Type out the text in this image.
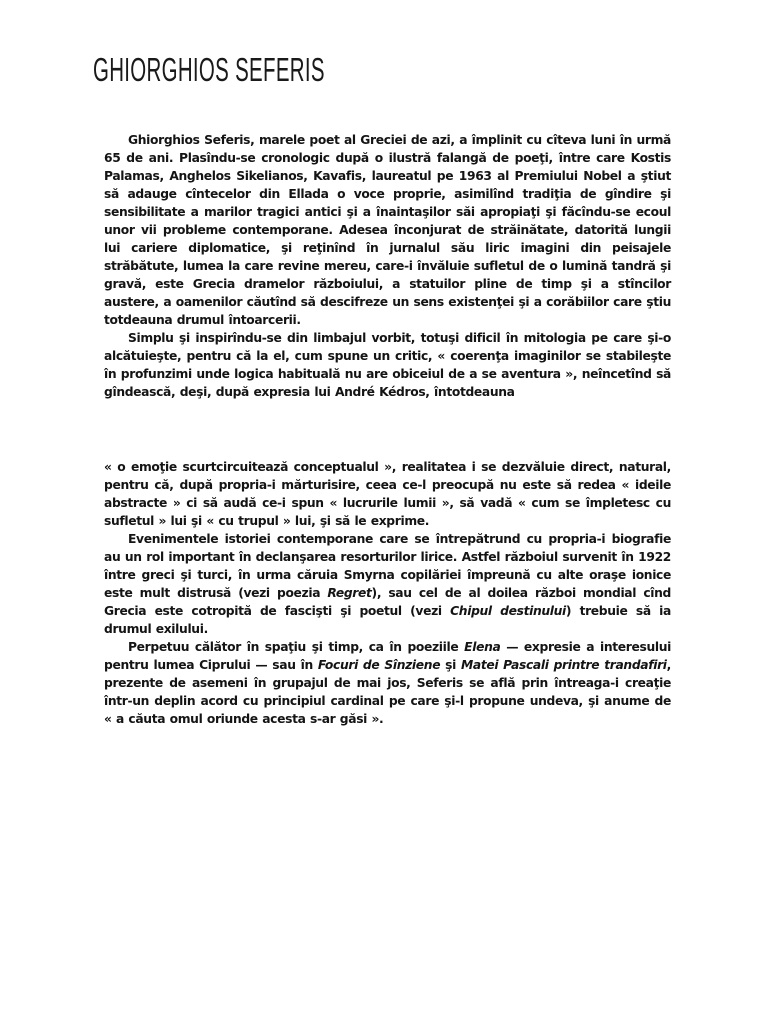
GHIORGHIOS SEFERIS

Ghiorghios Seferis, marele poet al Greciei de azi, a împlinit cu cîteva luni în urmă 65 de ani. Plasîndu-se cronologic după o ilustră falangă de poeţi, între care Kostis Palamas, Anghelos Sikelianos, Kavafis, laureatul pe 1963 al Premiului Nobel a ştiut să adauge cîntecelor din Ellada o voce proprie, asimilînd tradiţia de gîndire şi sensibilitate a marilor tragici antici şi a înaintaşilor săi apropiaţi şi făcîndu-se ecoul unor vii probleme contemporane. Adesea înconjurat de străinătate, datorită lungii lui cariere diplomatice, şi reţinînd în jurnalul său liric imagini din peisajele străbătute, lumea la care revine mereu, care-i învăluie sufletul de o lumină tandră şi gravă, este Grecia dramelor războiului, a statuilor pline de timp şi a stîncilor austere, a oamenilor căutînd să descifreze un sens existenţei şi a corăbiilor care ştiu totdeauna drumul întoarcerii.

Simplu şi inspirîndu-se din limbajul vorbit, totuşi dificil în mitologia pe care şi-o alcătuieşte, pentru că la el, cum spune un critic, « coerenţa imaginilor se stabileşte în profunzimi unde logica habituală nu are obiceiul de a se aventura », neîncetînd să gîndească, deşi, după expresia lui André Kédros, întotdeauna

« o emoţie scurtcircuitează conceptualul », realitatea i se dezvăluie direct, natural, pentru că, după propria-i mărturisire, ceea ce-l preocupă nu este să redea « ideile abstracte » ci să audă ce-i spun « lucrurile lumii », să vadă « cum se împletesc cu sufletul » lui şi « cu trupul » lui, şi să le exprime.

Evenimentele istoriei contemporane care se întrepătrund cu propria-i biografie au un rol important în declanşarea resorturilor lirice. Astfel războiul survenit în 1922 între greci şi turci, în urma căruia Smyrna copilăriei împreună cu alte oraşe ionice este mult distrusă (vezi poezia Regret), sau cel de al doilea război mondial cînd Grecia este cotropită de fascişti şi poetul (vezi Chipul destinului) trebuie să ia drumul exilului.

Perpetuu călător în spaţiu şi timp, ca în poeziile Elena — expresie a interesului pentru lumea Ciprului — sau în Focuri de Sînziene şi Matei Pascali printre trandafiri, prezente de asemeni în grupajul de mai jos, Seferis se află prin întreaga-i creaţie într-un deplin acord cu principiul cardinal pe care şi-l propune undeva, şi anume de « a căuta omul oriunde acesta s-ar găsi ».
